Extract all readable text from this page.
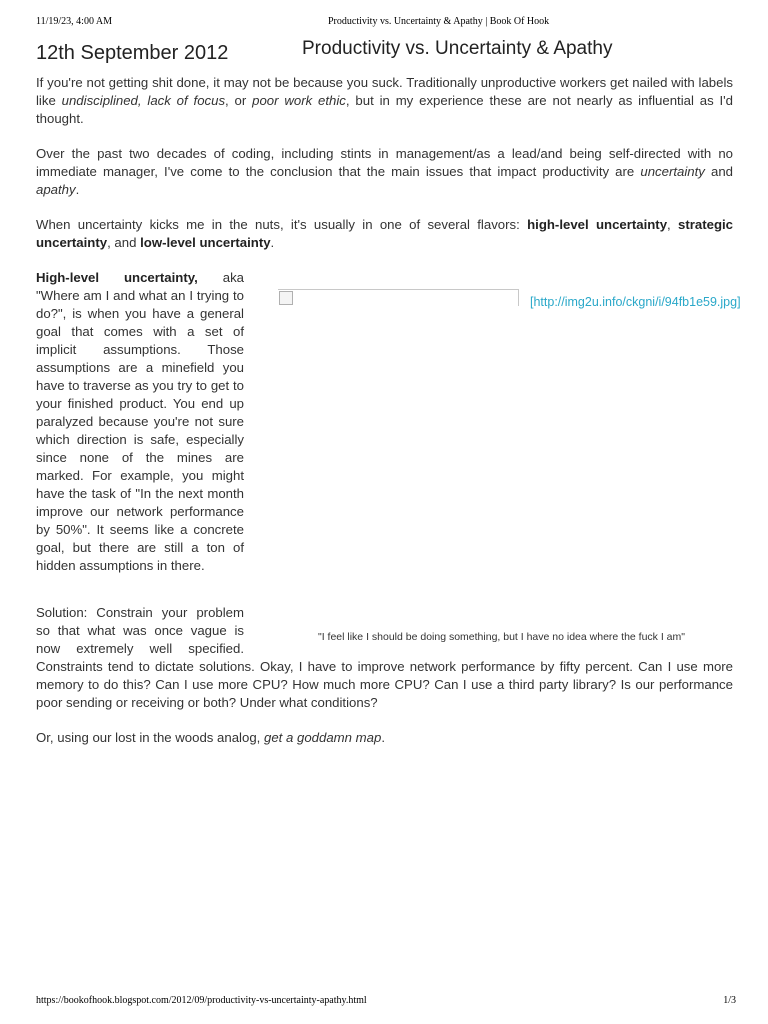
11/19/23, 4:00 AM	Productivity vs. Uncertainty & Apathy | Book Of Hook
12th September 2012	Productivity vs. Uncertainty & Apathy

If you're not getting shit done, it may not be because you suck. Traditionally unproductive workers get nailed with labels like undisciplined, lack of focus, or poor work ethic, but in my experience these are not nearly as influential as I'd thought.

Over the past two decades of coding, including stints in management/as a lead/and being self-directed with no immediate manager, I've come to the conclusion that the main issues that impact productivity are uncertainty and apathy.

When uncertainty kicks me in the nuts, it's usually in one of several flavors: high-level uncertainty, strategic uncertainty, and low-level uncertainty.

[http://img2u.info/ckgni/i/94fb1e59.jpg]
"I feel like I should be doing something, but I have no idea where the fuck I am"

High-level uncertainty, aka "Where am I and what an I trying to do?", is when you have a general goal that comes with a set of implicit assumptions. Those assumptions are a minefield you have to traverse as you try to get to your finished product. You end up paralyzed because you're not sure which direction is safe, especially since none of the mines are marked. For example, you might have the task of "In the next month improve our network performance by 50%". It seems like a concrete goal, but there are still a ton of hidden assumptions in there.

Solution: Constrain your problem so that what was once vague is now extremely well specified. Constraints tend to dictate solutions. Okay, I have to improve network performance by fifty percent. Can I use more memory to do this? Can I use more CPU? How much more CPU? Can I use a third party library? Is our performance poor sending or receiving or both? Under what conditions?

Or, using our lost in the woods analog, get a goddamn map.

https://bookofhook.blogspot.com/2012/09/productivity-vs-uncertainty-apathy.html	1/3
